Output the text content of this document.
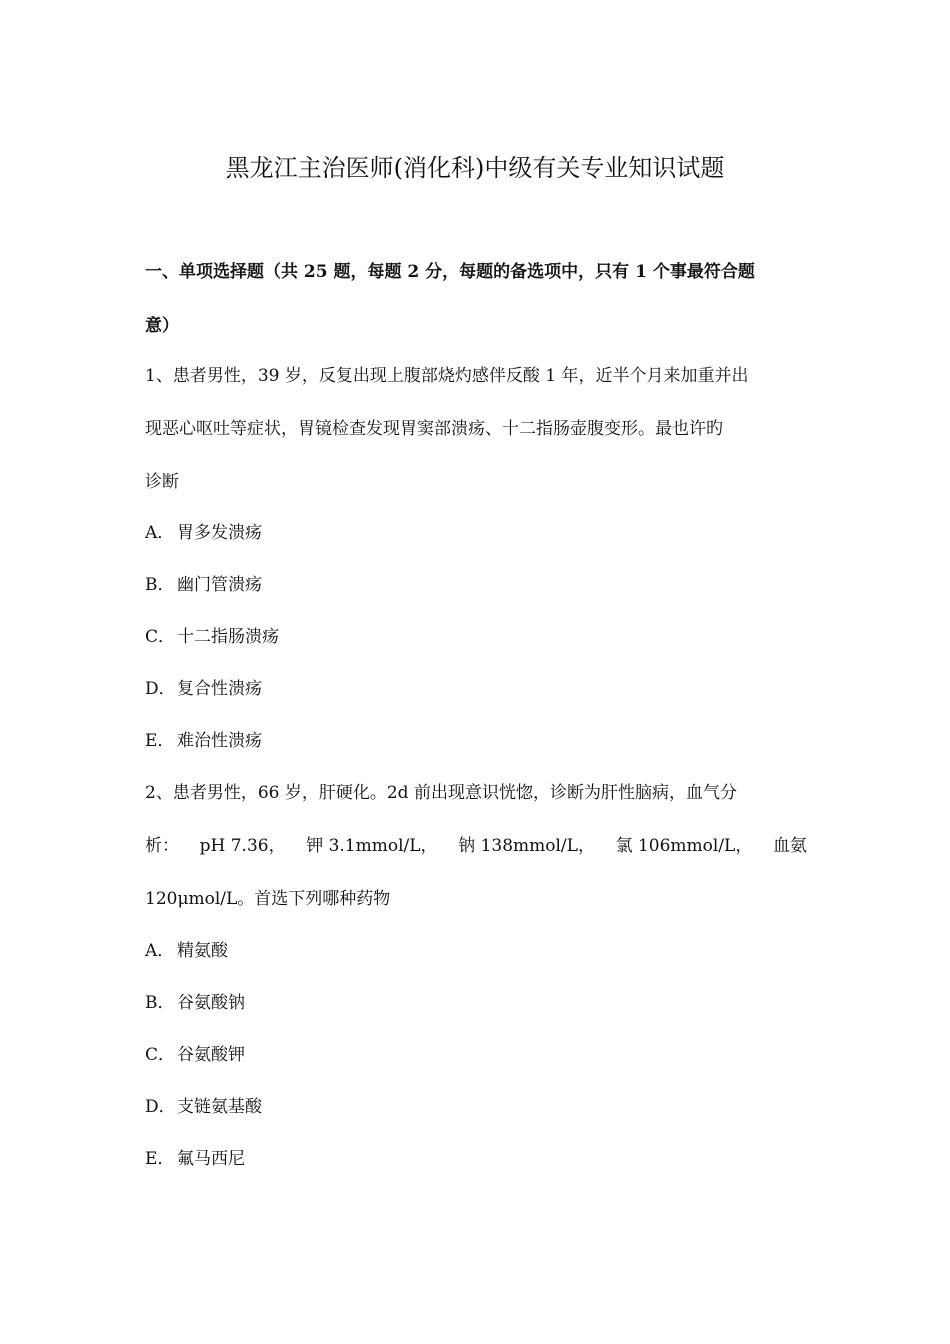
黑龙江主治医师(消化科)中级有关专业知识试题
一、单项选择题（共 25 题，每题 2 分，每题的备选项中，只有 1 个事最符合题
意）
1、患者男性，39 岁，反复出现上腹部烧灼感伴反酸 1 年，近半个月来加重并出
现恶心呕吐等症状，胃镜检查发现胃窦部溃疡、十二指肠壶腹变形。最也许旳
诊断
A． 胃多发溃疡
B． 幽门管溃疡
C． 十二指肠溃疡
D．复合性溃疡
E． 难治性溃疡
2、患者男性，66 岁，肝硬化。2d 前出现意识恍惚，诊断为肝性脑病，血气分
析： pH 7.36， 钾 3.1mmol/L， 钠 138mmol/L， 氯 106mmol/L， 血氨
120μmol/L。首选下列哪种药物
A． 精氨酸
B． 谷氨酸钠
C． 谷氨酸钾
D．支链氨基酸
E． 氟马西尼
